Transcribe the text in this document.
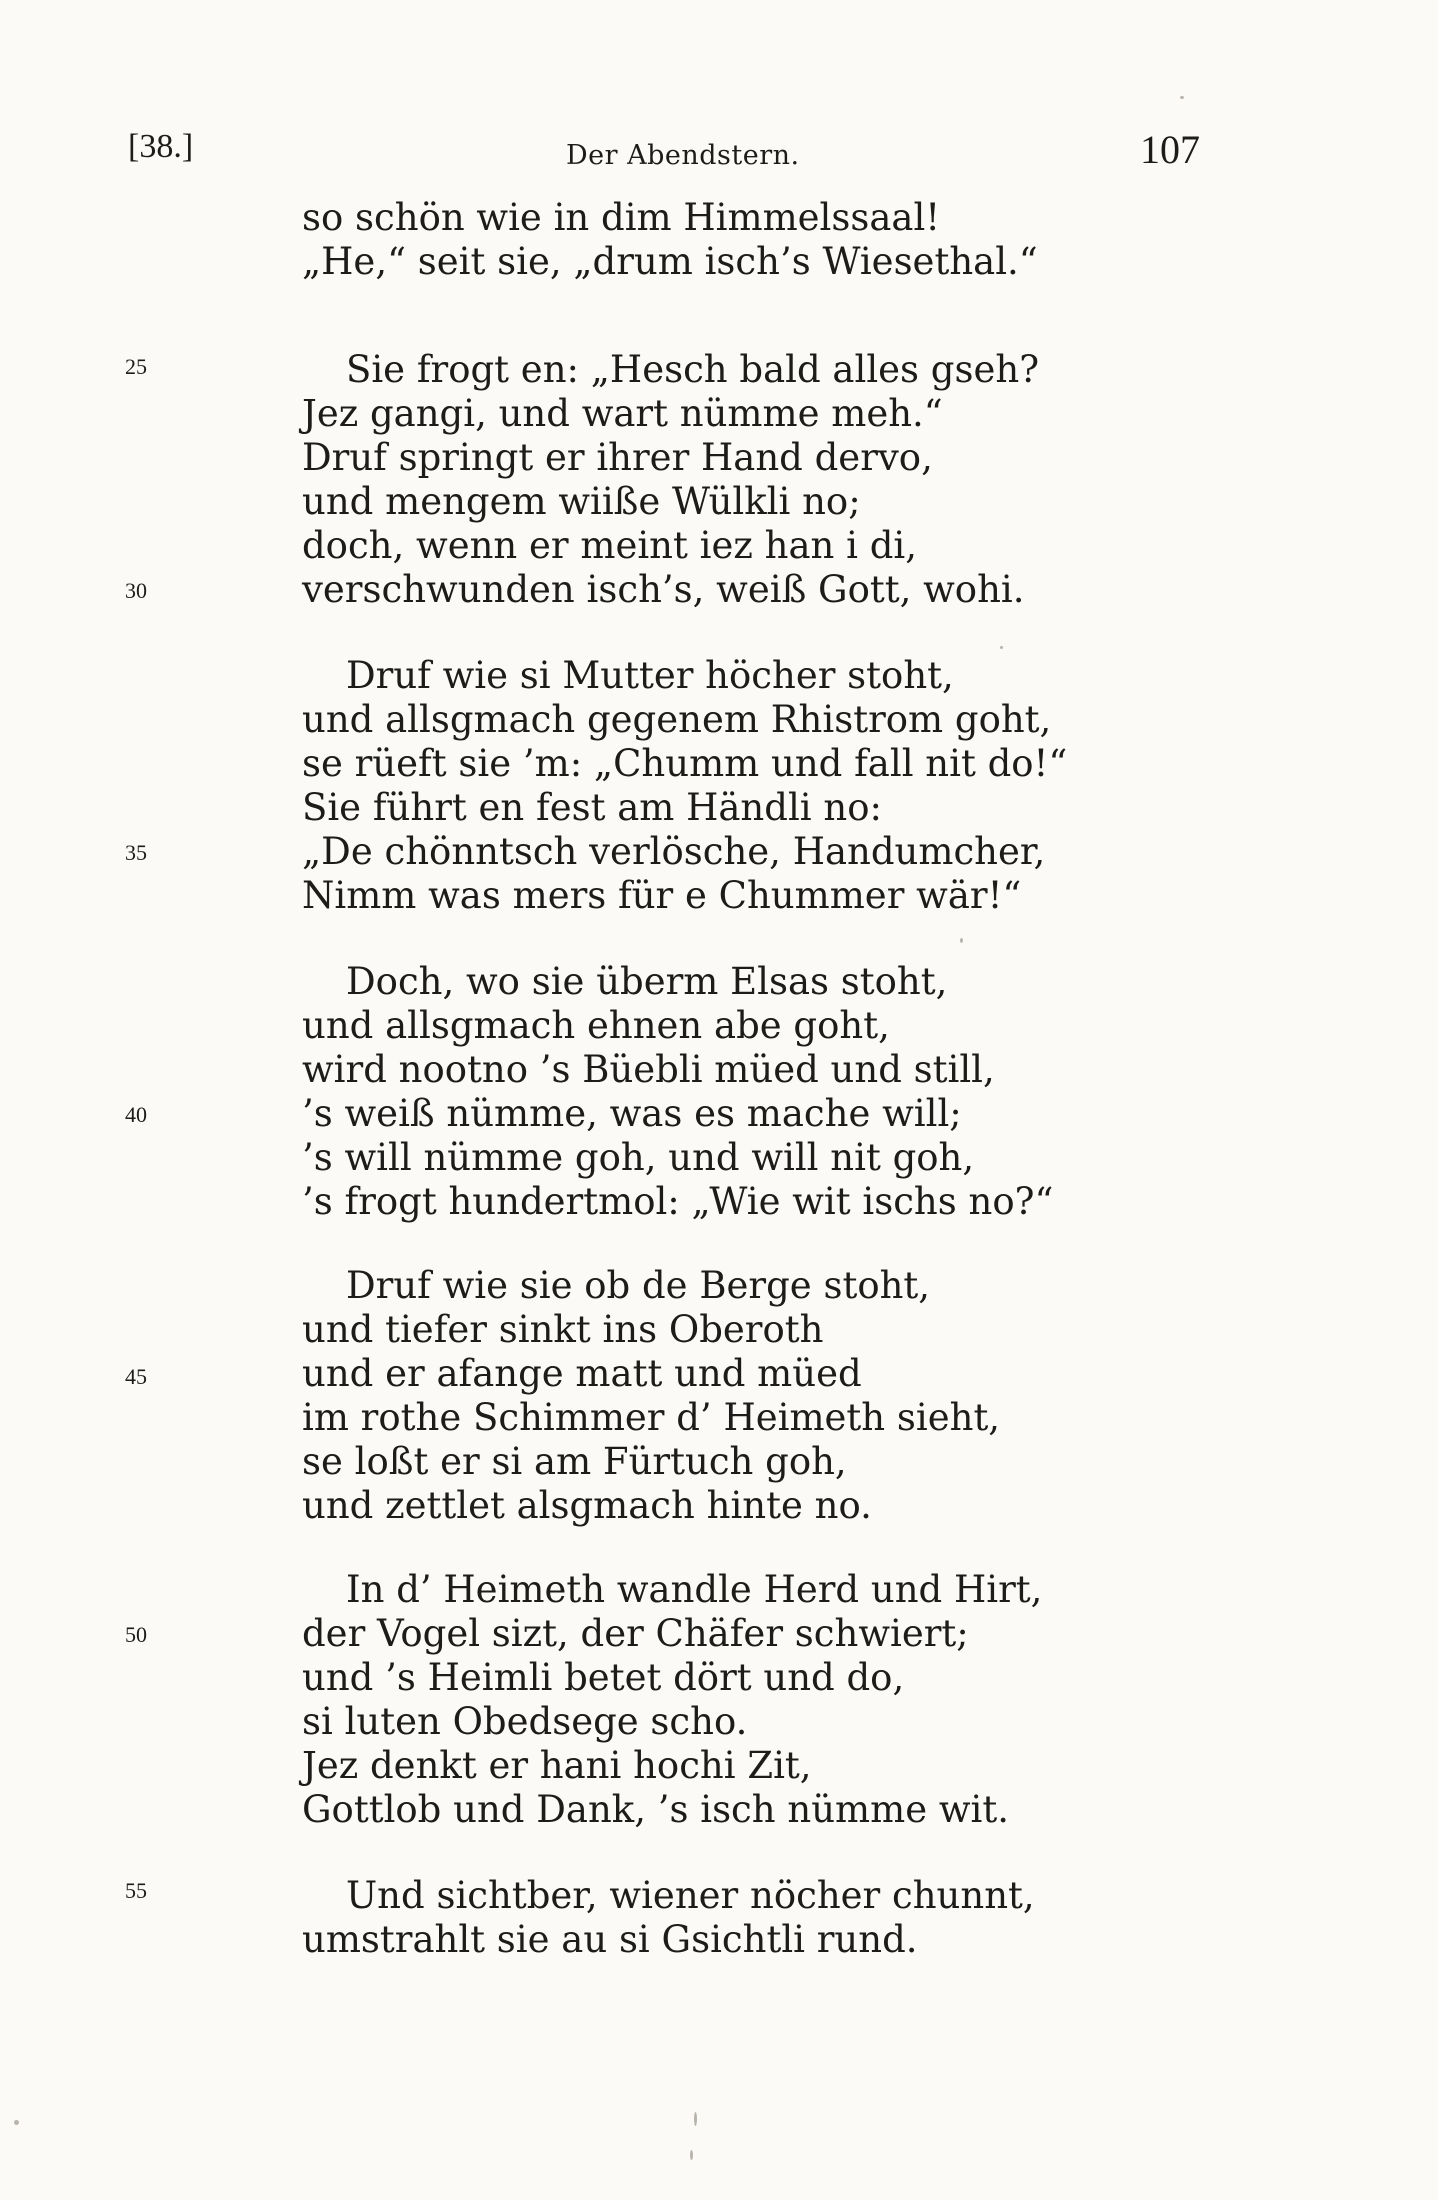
[38.]	Der Abendstern.	107

so schön wie in dim Himmelssaal!

„He,“ seit sie, „drum isch’s Wiesethal.“

Sie frogt en: „Hesch bald alles gseh?

Jez gangi, und wart nümme meh.“

Druf springt er ihrer Hand dervo,

und mengem wiiße Wülkli no;

doch, wenn er meint iez han i di,

verschwunden isch’s, weiß Gott, wohi.

Druf wie si Mutter höcher stoht,

und allsgmach gegenem Rhistrom goht,

se rüeft sie ’m: „Chumm und fall nit do!“

Sie führt en fest am Händli no:

„De chönntsch verlösche, Handumcher,

Nimm was mers für e Chummer wär!“

Doch, wo sie überm Elsas stoht,

und allsgmach ehnen abe goht,

wird nootno ’s Büebli müed und still,

’s weiß nümme, was es mache will;

’s will nümme goh, und will nit goh,

’s frogt hundertmol: „Wie wit ischs no?“

Druf wie sie ob de Berge stoht,

und tiefer sinkt ins Oberoth

und er afange matt und müed

im rothe Schimmer d’ Heimeth sieht,

se loßt er si am Fürtuch goh,

und zettlet alsgmach hinte no.

In d’ Heimeth wandle Herd und Hirt,

der Vogel sizt, der Chäfer schwiert;

und ’s Heimli betet dört und do,

si luten Obedsege scho.

Jez denkt er hani hochi Zit,

Gottlob und Dank, ’s isch nümme wit.

Und sichtber, wiener nöcher chunnt,

umstrahlt sie au si Gsichtli rund.

25
30
35
40
45
50
55
